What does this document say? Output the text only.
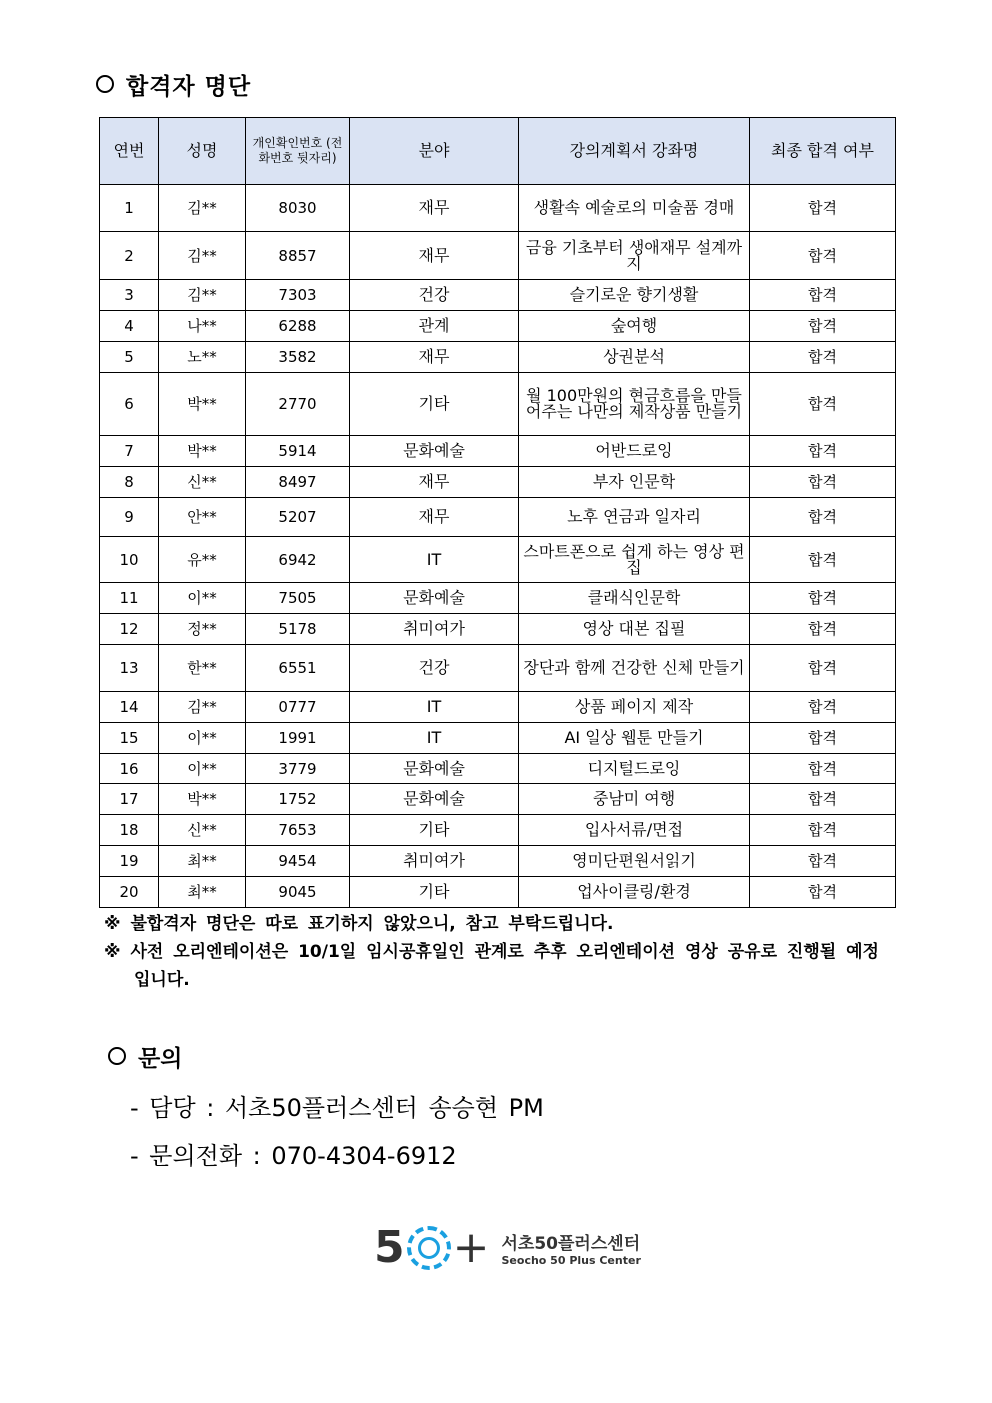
합격자 명단
연번	성명	개인확인번호 (전화번호 뒷자리)	분야	강의계획서 강좌명	최종 합격 여부
1	김**	8030	재무	생활속 예술로의 미술품 경매	합격
2	김**	8857	재무	금융 기초부터 생애재무 설계까지	합격
3	김**	7303	건강	슬기로운 향기생활	합격
4	나**	6288	관계	숲여행	합격
5	노**	3582	재무	상권분석	합격
6	박**	2770	기타	월 100만원의 현금흐름을 만들어주는 나만의 제작상품 만들기	합격
7	박**	5914	문화예술	어반드로잉	합격
8	신**	8497	재무	부자 인문학	합격
9	안**	5207	재무	노후 연금과 일자리	합격
10	유**	6942	IT	스마트폰으로 쉽게 하는 영상 편집	합격
11	이**	7505	문화예술	클래식인문학	합격
12	정**	5178	취미여가	영상 대본 집필	합격
13	한**	6551	건강	장단과 함께 건강한 신체 만들기	합격
14	김**	0777	IT	상품 페이지 제작	합격
15	이**	1991	IT	AI 일상 웹툰 만들기	합격
16	이**	3779	문화예술	디지털드로잉	합격
17	박**	1752	문화예술	중남미 여행	합격
18	신**	7653	기타	입사서류/면접	합격
19	최**	9454	취미여가	영미단편원서읽기	합격
20	최**	9045	기타	업사이클링/환경	합격
※ 불합격자 명단은 따로 표기하지 않았으니, 참고 부탁드립니다.
※ 사전 오리엔테이션은 10/1일 임시공휴일인 관계로 추후 오리엔테이션 영상 공유로 진행될 예정입니다.
문의
- 담당 : 서초50플러스센터 송승현 PM
- 문의전화 : 070-4304-6912
5 + 서초50플러스센터
Seocho 50 Plus Center
